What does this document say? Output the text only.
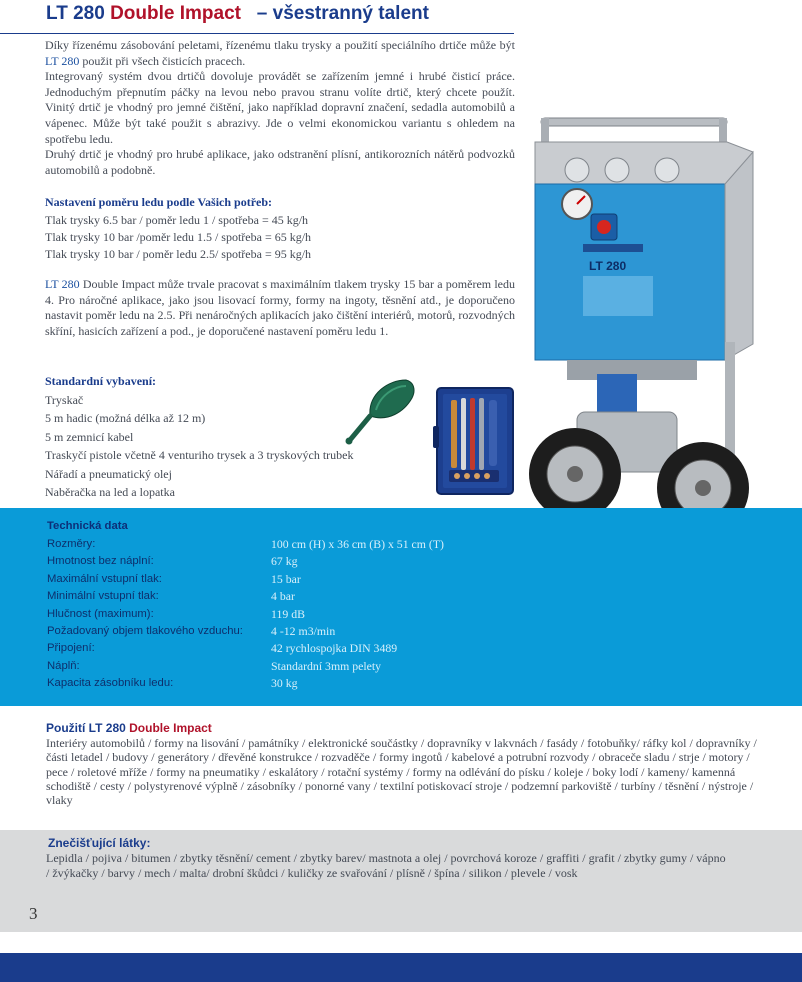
LT 280 Double Impact   – všestranný talent

Díky řízenému zásobování peletami, řízenému tlaku trysky a použití speciálního drtiče může být LT 280 použit při všech čisticích pracech.

Integrovaný systém dvou drtičů dovoluje provádět se zařízením jemné i hrubé čisticí práce. Jednoduchým přepnutím páčky na levou nebo pravou stranu volíte drtič, který chcete použít. Vinitý drtič je vhodný pro jemné čištění, jako například dopravní značení, sedadla automobilů a vápenec. Může být také použit s abrazivy. Jde o velmi ekonomickou variantu s ohledem na spotřebu ledu.

Druhý drtič je vhodný pro hrubé aplikace, jako odstranění plísní, antikorozních nátěrů podvozků automobilů a podobně.

Nastavení poměru ledu podle Vašich potřeb:
Tlak trysky 6.5 bar / poměr ledu 1 / spotřeba = 45 kg/h
Tlak trysky 10 bar /poměr ledu 1.5 / spotřeba = 65 kg/h
Tlak trysky 10 bar / poměr ledu 2.5/ spotřeba = 95 kg/h
LT 280 Double Impact může trvale pracovat s maximálním tlakem trysky 15 bar a poměrem ledu 4. Pro náročné aplikace, jako jsou lisovací formy, formy na ingoty, těsnění atd., je doporučeno nastavit poměr ledu na 2.5. Při nenáročných aplikacích jako čištění interiérů, motorů, rozvodných skříní, hasicích zařízení a pod., je doporučené nastavení poměru ledu 1.
Standardní vybavení:
Tryskač
5 m hadic (možná délka až 12 m)
5 m zemnicí kabel
Traskyčí pistole včetně 4 venturiho trysek a 3 tryskových trubek
Nářadí a pneumatický olej
Naběračka na led a lopatka
LT 280
Technická data
Rozměry:	100 cm (H) x 36 cm (B) x 51 cm (T)
Hmotnost bez náplní:	67 kg
Maximální vstupní tlak:	15 bar
Minimální vstupní tlak:	4 bar
Hlučnost (maximum):	119 dB
Požadovaný objem tlakového vzduchu:	4 -12 m3/min
Připojení:	42 rychlospojka DIN 3489
Náplň:	Standardní 3mm pelety
Kapacita zásobníku ledu:	30 kg
Použití LT 280 Double Impact
Interiéry automobilů / formy na lisování / památníky / elektronické součástky / dopravníky v lakvnách / fasády / fotobuňky/ ráfky kol / dopravníky / části letadel / budovy / generátory / dřevěné konstrukce / rozvaděče / formy ingotů / kabelové a potrubní rozvody / obraceče sladu / strje / motory / pece / roletové mříže / formy na pneumatiky / eskalátory / rotační systémy / formy na odlévání do písku / koleje / boky lodí / kameny/ kamenná schodiště / cesty / polystyrenové výplně / zásobníky / ponorné vany / textilní potiskovací stroje / podzemní parkoviště / turbíny / těsnění / nýstroje / vlaky
Znečišťující látky:
Lepidla / pojiva / bitumen / zbytky těsnění/ cement / zbytky barev/ mastnota a olej / povrchová koroze / graffiti / grafit / zbytky gumy / vápno / žvýkačky / barvy / mech / malta/ drobní škůdci / kuličky ze svařování / plísně / špína / silikon / plevele / vosk
3
